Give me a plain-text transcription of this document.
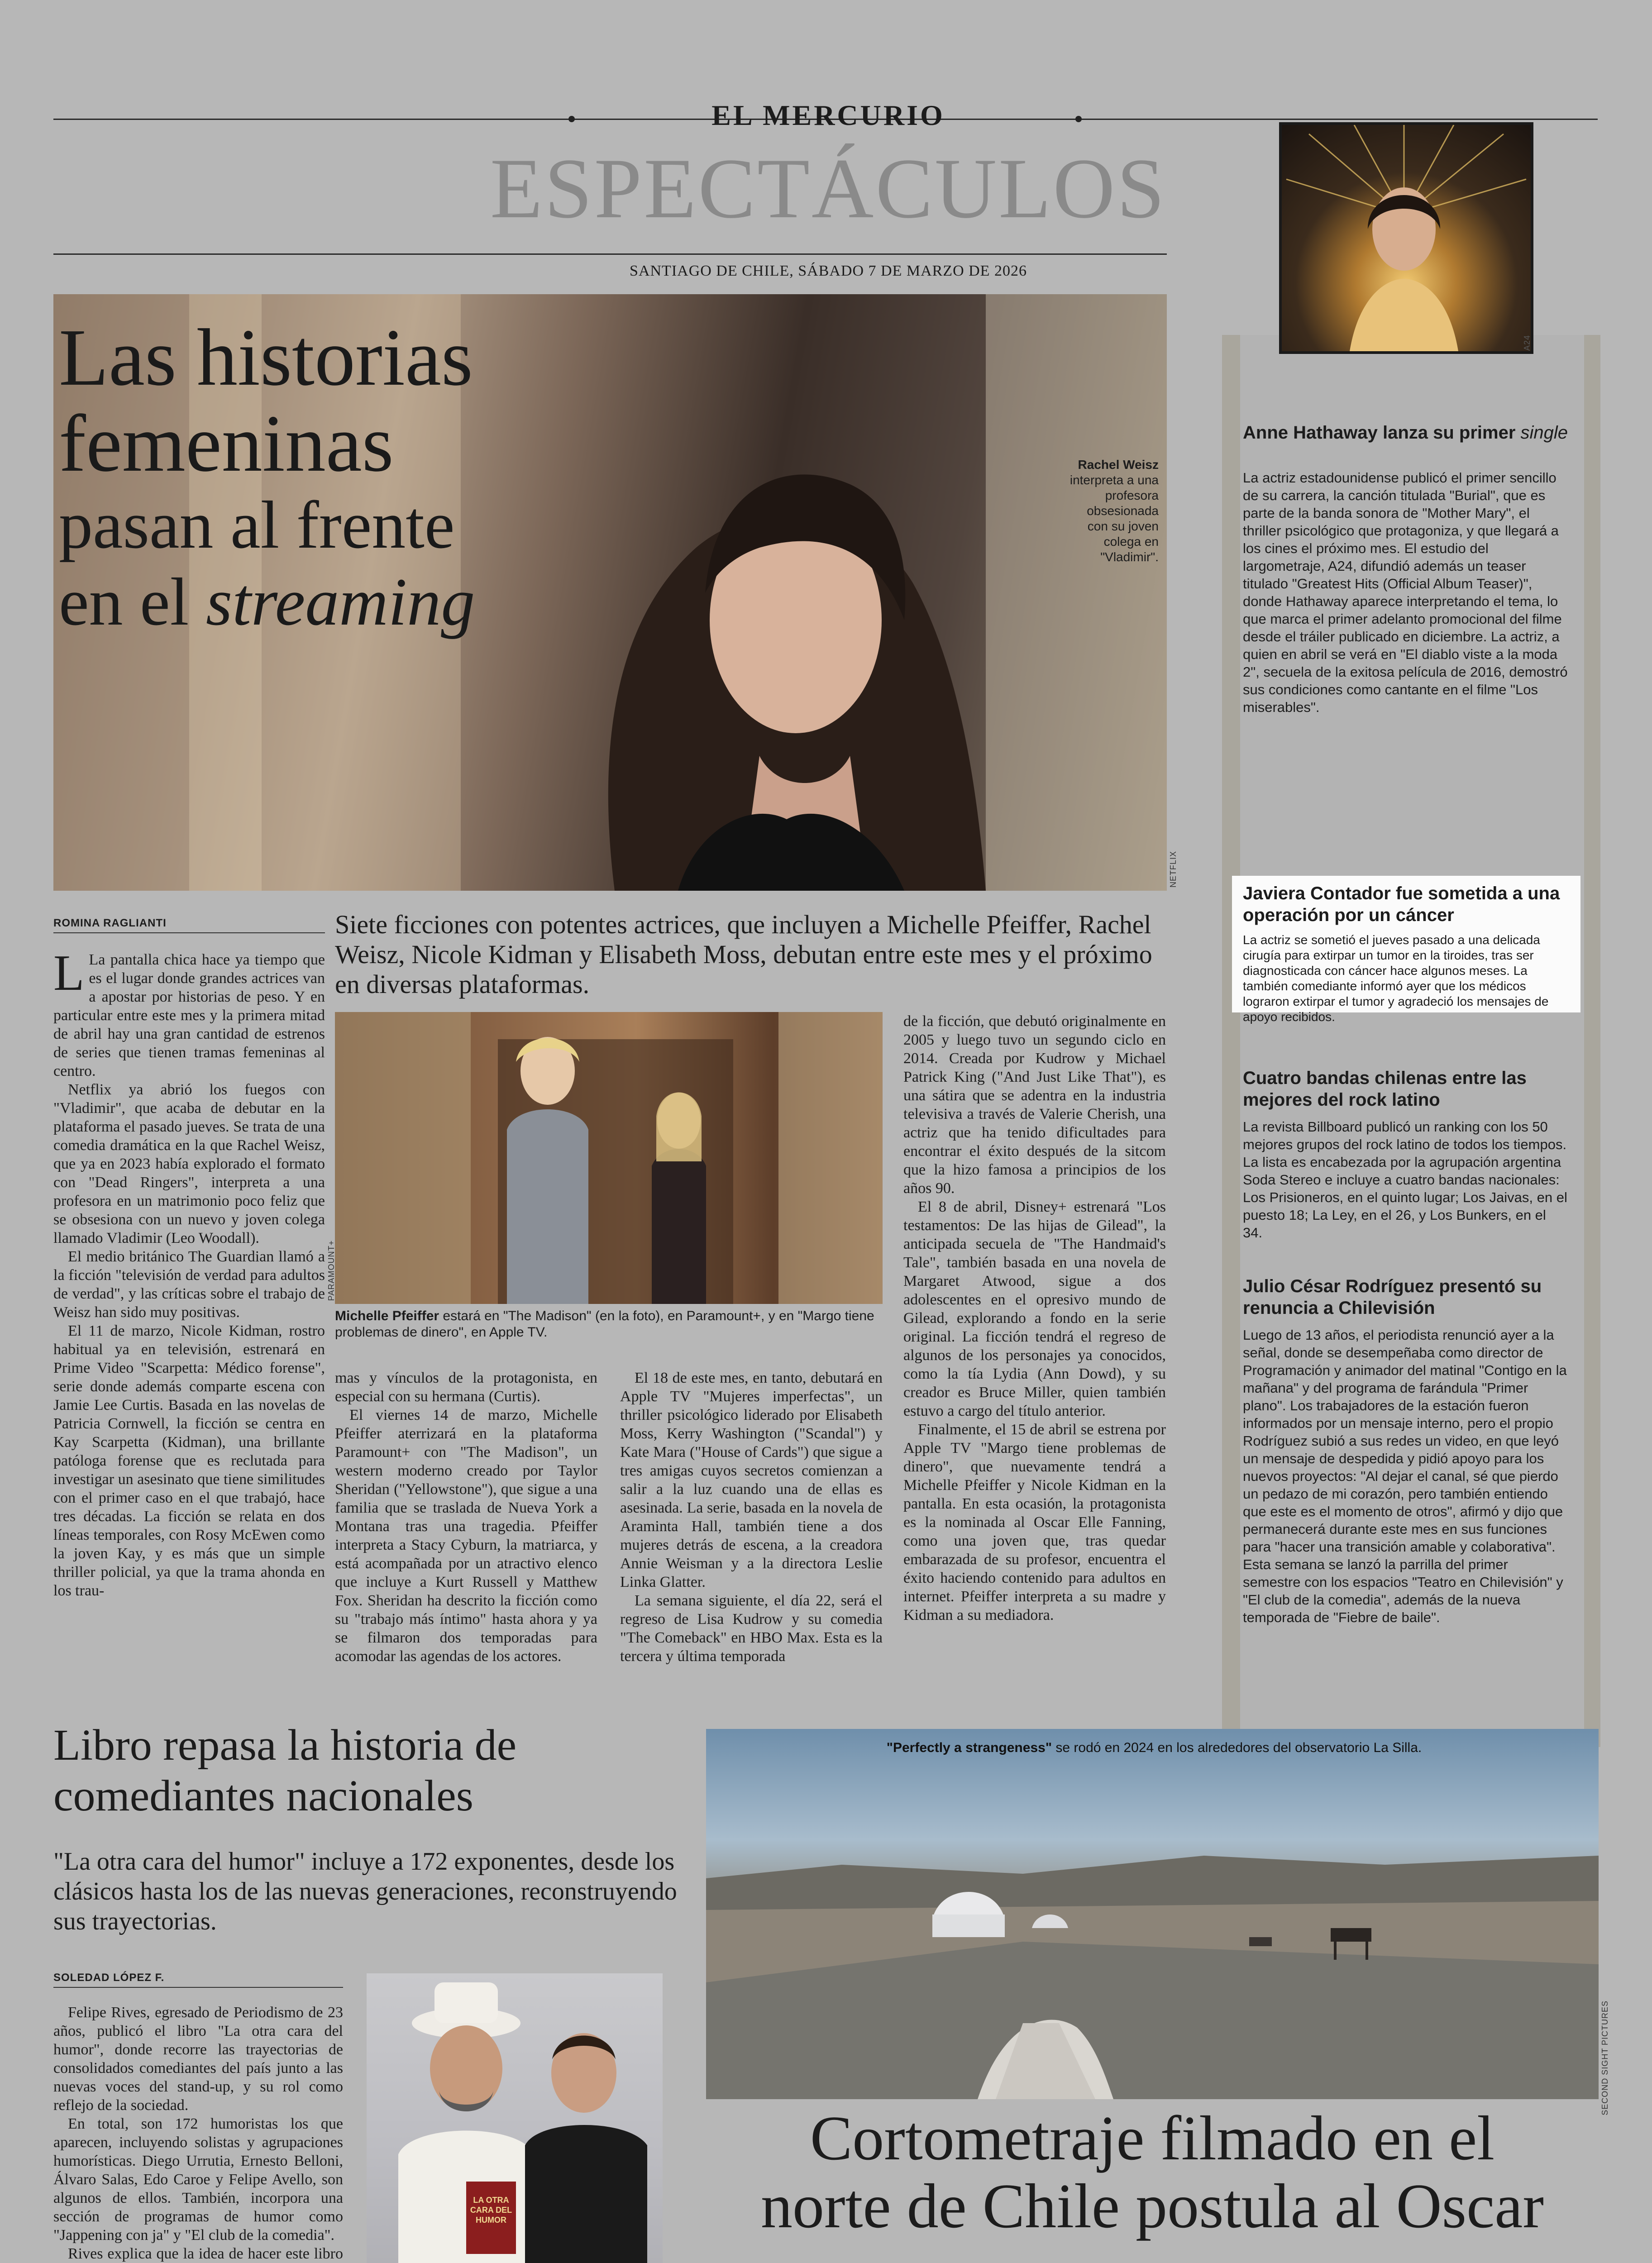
EL MERCURIO
ESPECTÁCULOS
SANTIAGO DE CHILE, SÁBADO 7 DE MARZO DE 2026
Las historias
femeninas
pasan al frente
en el streaming
Rachel Weisz interpreta a una profesora obsesionada con su joven colega en "Vladimir".
NETFLIX
ROMINA RAGLIANTI	Siete ficciones con potentes actrices, que incluyen a Michelle Pfeiffer, Rachel Weisz, Nicole Kidman y Elisabeth Moss, debutan entre este mes y el próximo en diversas plataformas.

L La pantalla chica hace ya tiempo que es el lugar donde grandes actrices van a apostar por historias de peso. Y en particular entre este mes y la primera mitad de abril hay una gran cantidad de estrenos de series que tienen tramas femeninas al centro.

Netflix ya abrió los fuegos con "Vladimir", que acaba de debutar en la plataforma el pasado jueves. Se trata de una comedia dramática en la que Rachel Weisz, que ya en 2023 había explorado el formato con "Dead Ringers", interpreta a una profesora en un matrimonio poco feliz que se obsesiona con un nuevo y joven colega llamado Vladimir (Leo Woodall).

El medio británico The Guardian llamó a la ficción "televisión de verdad para adultos de verdad", y las críticas sobre el trabajo de Weisz han sido muy positivas.

El 11 de marzo, Nicole Kidman, rostro habitual ya en televisión, estrenará en Prime Video "Scarpetta: Médico forense", serie donde además comparte escena con Jamie Lee Curtis. Basada en las novelas de Patricia Cornwell, la ficción se centra en Kay Scarpetta (Kidman), una brillante patóloga forense que es reclutada para investigar un asesinato que tiene similitudes con el primer caso en el que trabajó, hace tres décadas. La ficción se relata en dos líneas temporales, con Rosy McEwen como la joven Kay, y es más que un simple thriller policial, ya que la trama ahonda en los trau-

PARAMOUNT+
Michelle Pfeiffer estará en "The Madison" (en la foto), en Paramount+, y en "Margo tiene problemas de dinero", en Apple TV.

mas y vínculos de la protagonista, en especial con su hermana (Curtis).

El viernes 14 de marzo, Michelle Pfeiffer aterrizará en la plataforma Paramount+ con "The Madison", un western moderno creado por Taylor Sheridan ("Yellowstone"), que sigue a una familia que se traslada de Nueva York a Montana tras una tragedia. Pfeiffer interpreta a Stacy Cyburn, la matriarca, y está acompañada por un atractivo elenco que incluye a Kurt Russell y Matthew Fox. Sheridan ha descrito la ficción como su "trabajo más íntimo" hasta ahora y ya se filmaron dos temporadas para acomodar las agendas de los actores.

El 18 de este mes, en tanto, debutará en Apple TV "Mujeres imperfectas", un thriller psicológico liderado por Elisabeth Moss, Kerry Washington ("Scandal") y Kate Mara ("House of Cards") que sigue a tres amigas cuyos secretos comienzan a salir a la luz cuando una de ellas es asesinada. La serie, basada en la novela de Araminta Hall, también tiene a dos mujeres detrás de escena, a la creadora Annie Weisman y a la directora Leslie Linka Glatter.

La semana siguiente, el día 22, será el regreso de Lisa Kudrow y su comedia "The Comeback" en HBO Max. Esta es la tercera y última temporada

de la ficción, que debutó originalmente en 2005 y luego tuvo un segundo ciclo en 2014. Creada por Kudrow y Michael Patrick King ("And Just Like That"), es una sátira que se adentra en la industria televisiva a través de Valerie Cherish, una actriz que ha tenido dificultades para encontrar el éxito después de la sitcom que la hizo famosa a principios de los años 90.

El 8 de abril, Disney+ estrenará "Los testamentos: De las hijas de Gilead", la anticipada secuela de "The Handmaid's Tale", también basada en una novela de Margaret Atwood, sigue a dos adolescentes en el opresivo mundo de Gilead, explorando a fondo en la serie original. La ficción tendrá el regreso de algunos de los personajes ya conocidos, como la tía Lydia (Ann Dowd), y su creador es Bruce Miller, quien también estuvo a cargo del título anterior.

Finalmente, el 15 de abril se estrena por Apple TV "Margo tiene problemas de dinero", que nuevamente tendrá a Michelle Pfeiffer y Nicole Kidman en la pantalla. En esta ocasión, la protagonista es la nominada al Oscar Elle Fanning, como una joven que, tras quedar embarazada de su profesor, encuentra el éxito haciendo contenido para adultos en internet. Pfeiffer interpreta a su madre y Kidman a su mediadora.

A24
Anne Hathaway lanza su primer single
La actriz estadounidense publicó el primer sencillo de su carrera, la canción titulada "Burial", que es parte de la banda sonora de "Mother Mary", el thriller psicológico que protagoniza, y que llegará a los cines el próximo mes. El estudio del largometraje, A24, difundió además un teaser titulado "Greatest Hits (Official Album Teaser)", donde Hathaway aparece interpretando el tema, lo que marca el primer adelanto promocional del filme desde el tráiler publicado en diciembre. La actriz, a quien en abril se verá en "El diablo viste a la moda 2", secuela de la exitosa película de 2016, demostró sus condiciones como cantante en el filme "Los miserables".
Javiera Contador fue sometida a una operación por un cáncer
La actriz se sometió el jueves pasado a una delicada cirugía para extirpar un tumor en la tiroides, tras ser diagnosticada con cáncer hace algunos meses. La también comediante informó ayer que los médicos lograron extirpar el tumor y agradeció los mensajes de apoyo recibidos.
Cuatro bandas chilenas entre las mejores del rock latino
La revista Billboard publicó un ranking con los 50 mejores grupos del rock latino de todos los tiempos. La lista es encabezada por la agrupación argentina Soda Stereo e incluye a cuatro bandas nacionales: Los Prisioneros, en el quinto lugar; Los Jaivas, en el puesto 18; La Ley, en el 26, y Los Bunkers, en el 34.
Julio César Rodríguez presentó su renuncia a Chilevisión
Luego de 13 años, el periodista renunció ayer a la señal, donde se desempeñaba como director de Programación y animador del matinal "Contigo en la mañana" y del programa de farándula "Primer plano". Los trabajadores de la estación fueron informados por un mensaje interno, pero el propio Rodríguez subió a sus redes un video, en que leyó un mensaje de despedida y pidió apoyo para los nuevos proyectos: "Al dejar el canal, sé que pierdo un pedazo de mi corazón, pero también entiendo que este es el momento de otros", afirmó y dijo que permanecerá durante este mes en sus funciones para "hacer una transición amable y colaborativa". Esta semana se lanzó la parrilla del primer semestre con los espacios "Teatro en Chilevisión" y "El club de la comedia", además de la nueva temporada de "Fiebre de baile".
Libro repasa la historia de comediantes nacionales
"La otra cara del humor" incluye a 172 exponentes, desde los clásicos hasta los de las nuevas generaciones, reconstruyendo sus trayectorias.
SOLEDAD LÓPEZ F.

Felipe Rives, egresado de Periodismo de 23 años, publicó el libro "La otra cara del humor", donde recorre las trayectorias de consolidados comediantes del país junto a las nuevas voces del stand-up, y su rol como reflejo de la sociedad.

En total, son 172 humoristas los que aparecen, incluyendo solistas y agrupaciones humorísticas. Diego Urrutia, Ernesto Belloni, Álvaro Salas, Edo Caroe y Felipe Avello, son algunos de ellos. También, incorpora una sección de programas de humor como "Jappening con ja" y "El club de la comedia".

Rives explica que la idea de hacer este libro

LA OTRA CARA DEL HUMOR

"Perfectly a strangeness" se rodó en 2024 en los alrededores del observatorio La Silla.
SECOND SIGHT PICTURES
Cortometraje filmado en el
norte de Chile postula al Oscar
